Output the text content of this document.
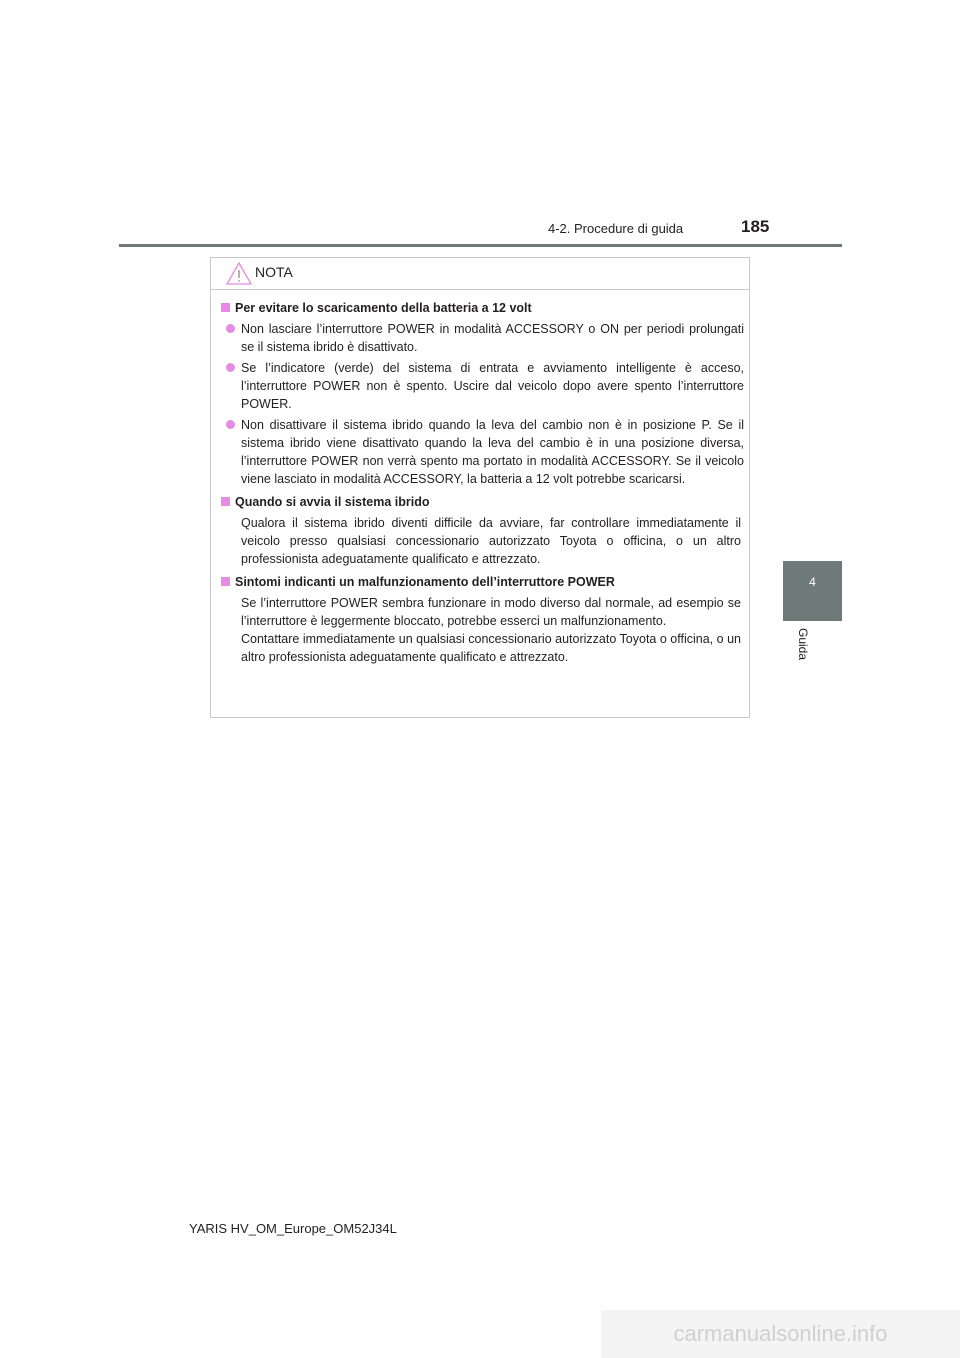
4-2. Procedure di guida	185
4
Guida
NOTA
Per evitare lo scaricamento della batteria a 12 volt
Non lasciare l’interruttore POWER in modalità ACCESSORY o ON per periodi prolungati se il sistema ibrido è disattivato.
Se l’indicatore (verde) del sistema di entrata e avviamento intelligente è acceso, l’interruttore POWER non è spento. Uscire dal veicolo dopo avere spento l’interruttore POWER.
Non disattivare il sistema ibrido quando la leva del cambio non è in posizione P. Se il sistema ibrido viene disattivato quando la leva del cambio è in una posizione diversa, l’interruttore POWER non verrà spento ma portato in modalità ACCESSORY. Se il veicolo viene lasciato in modalità ACCESSORY, la batteria a 12 volt potrebbe scaricarsi.
Quando si avvia il sistema ibrido
Qualora il sistema ibrido diventi difficile da avviare, far controllare immediatamente il veicolo presso qualsiasi concessionario autorizzato Toyota o officina, o un altro professionista adeguatamente qualificato e attrezzato.
Sintomi indicanti un malfunzionamento dell’interruttore POWER
Se l’interruttore POWER sembra funzionare in modo diverso dal normale, ad esempio se l’interruttore è leggermente bloccato, potrebbe esserci un malfunzionamento.
Contattare immediatamente un qualsiasi concessionario autorizzato Toyota o officina, o un altro professionista adeguatamente qualificato e attrezzato.
YARIS HV_OM_Europe_OM52J34L
carmanualsonline.info
